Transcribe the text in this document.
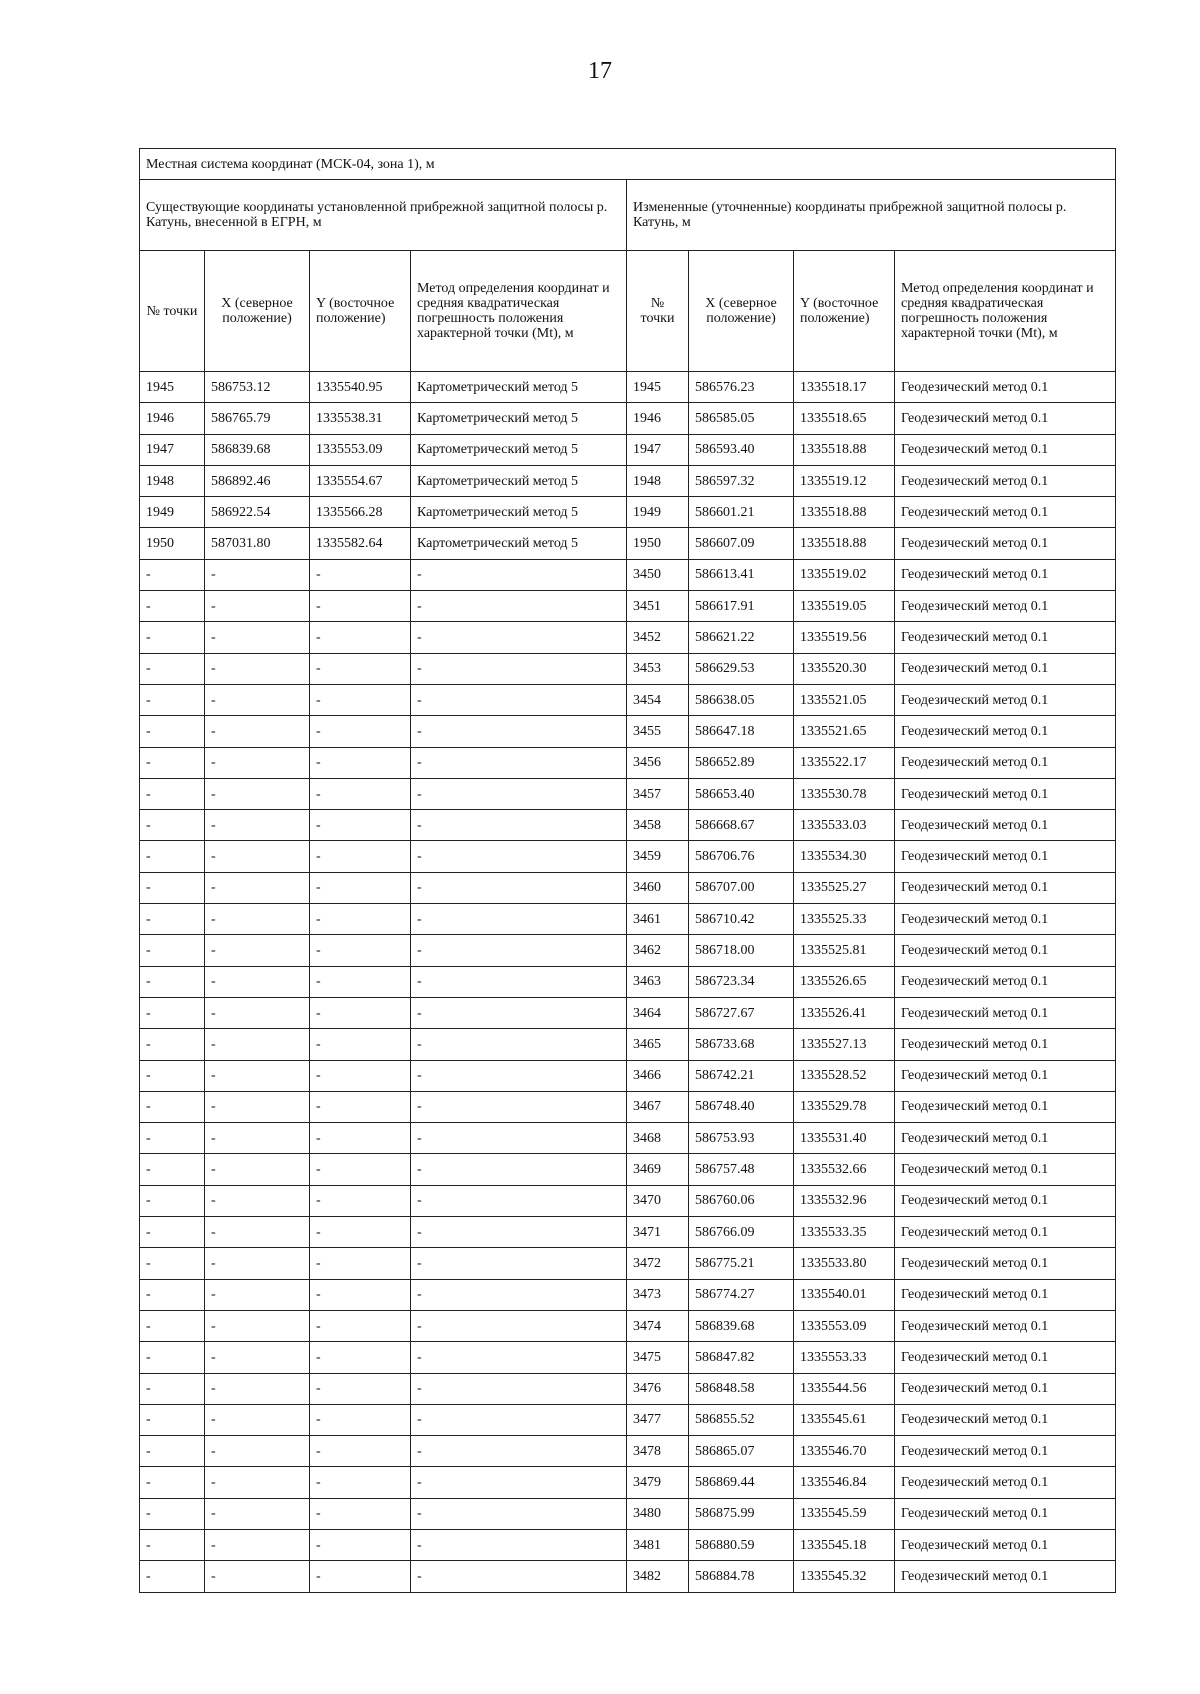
17
Местная система координат (МСК-04, зона 1), м							
Существующие координаты установленной прибрежной защитной полосы р. Катунь, внесенной в ЕГРН, м				Измененные (уточненные) координаты прибрежной защитной полосы р. Катунь, м			
№ точки	X (северное положение)	Y (восточное положение)	Метод определения координат и средняя квадратическая погрешность положения характерной точки (Mt), м	№ точки	X (северное положение)	Y (восточное положение)	Метод определения координат и средняя квадратическая погрешность положения характерной точки (Mt), м
1945	586753.12	1335540.95	Картометрический метод 5	1945	586576.23	1335518.17	Геодезический метод 0.1
1946	586765.79	1335538.31	Картометрический метод 5	1946	586585.05	1335518.65	Геодезический метод 0.1
1947	586839.68	1335553.09	Картометрический метод 5	1947	586593.40	1335518.88	Геодезический метод 0.1
1948	586892.46	1335554.67	Картометрический метод 5	1948	586597.32	1335519.12	Геодезический метод 0.1
1949	586922.54	1335566.28	Картометрический метод 5	1949	586601.21	1335518.88	Геодезический метод 0.1
1950	587031.80	1335582.64	Картометрический метод 5	1950	586607.09	1335518.88	Геодезический метод 0.1
-	-	-	-	3450	586613.41	1335519.02	Геодезический метод 0.1
-	-	-	-	3451	586617.91	1335519.05	Геодезический метод 0.1
-	-	-	-	3452	586621.22	1335519.56	Геодезический метод 0.1
-	-	-	-	3453	586629.53	1335520.30	Геодезический метод 0.1
-	-	-	-	3454	586638.05	1335521.05	Геодезический метод 0.1
-	-	-	-	3455	586647.18	1335521.65	Геодезический метод 0.1
-	-	-	-	3456	586652.89	1335522.17	Геодезический метод 0.1
-	-	-	-	3457	586653.40	1335530.78	Геодезический метод 0.1
-	-	-	-	3458	586668.67	1335533.03	Геодезический метод 0.1
-	-	-	-	3459	586706.76	1335534.30	Геодезический метод 0.1
-	-	-	-	3460	586707.00	1335525.27	Геодезический метод 0.1
-	-	-	-	3461	586710.42	1335525.33	Геодезический метод 0.1
-	-	-	-	3462	586718.00	1335525.81	Геодезический метод 0.1
-	-	-	-	3463	586723.34	1335526.65	Геодезический метод 0.1
-	-	-	-	3464	586727.67	1335526.41	Геодезический метод 0.1
-	-	-	-	3465	586733.68	1335527.13	Геодезический метод 0.1
-	-	-	-	3466	586742.21	1335528.52	Геодезический метод 0.1
-	-	-	-	3467	586748.40	1335529.78	Геодезический метод 0.1
-	-	-	-	3468	586753.93	1335531.40	Геодезический метод 0.1
-	-	-	-	3469	586757.48	1335532.66	Геодезический метод 0.1
-	-	-	-	3470	586760.06	1335532.96	Геодезический метод 0.1
-	-	-	-	3471	586766.09	1335533.35	Геодезический метод 0.1
-	-	-	-	3472	586775.21	1335533.80	Геодезический метод 0.1
-	-	-	-	3473	586774.27	1335540.01	Геодезический метод 0.1
-	-	-	-	3474	586839.68	1335553.09	Геодезический метод 0.1
-	-	-	-	3475	586847.82	1335553.33	Геодезический метод 0.1
-	-	-	-	3476	586848.58	1335544.56	Геодезический метод 0.1
-	-	-	-	3477	586855.52	1335545.61	Геодезический метод 0.1
-	-	-	-	3478	586865.07	1335546.70	Геодезический метод 0.1
-	-	-	-	3479	586869.44	1335546.84	Геодезический метод 0.1
-	-	-	-	3480	586875.99	1335545.59	Геодезический метод 0.1
-	-	-	-	3481	586880.59	1335545.18	Геодезический метод 0.1
-	-	-	-	3482	586884.78	1335545.32	Геодезический метод 0.1
